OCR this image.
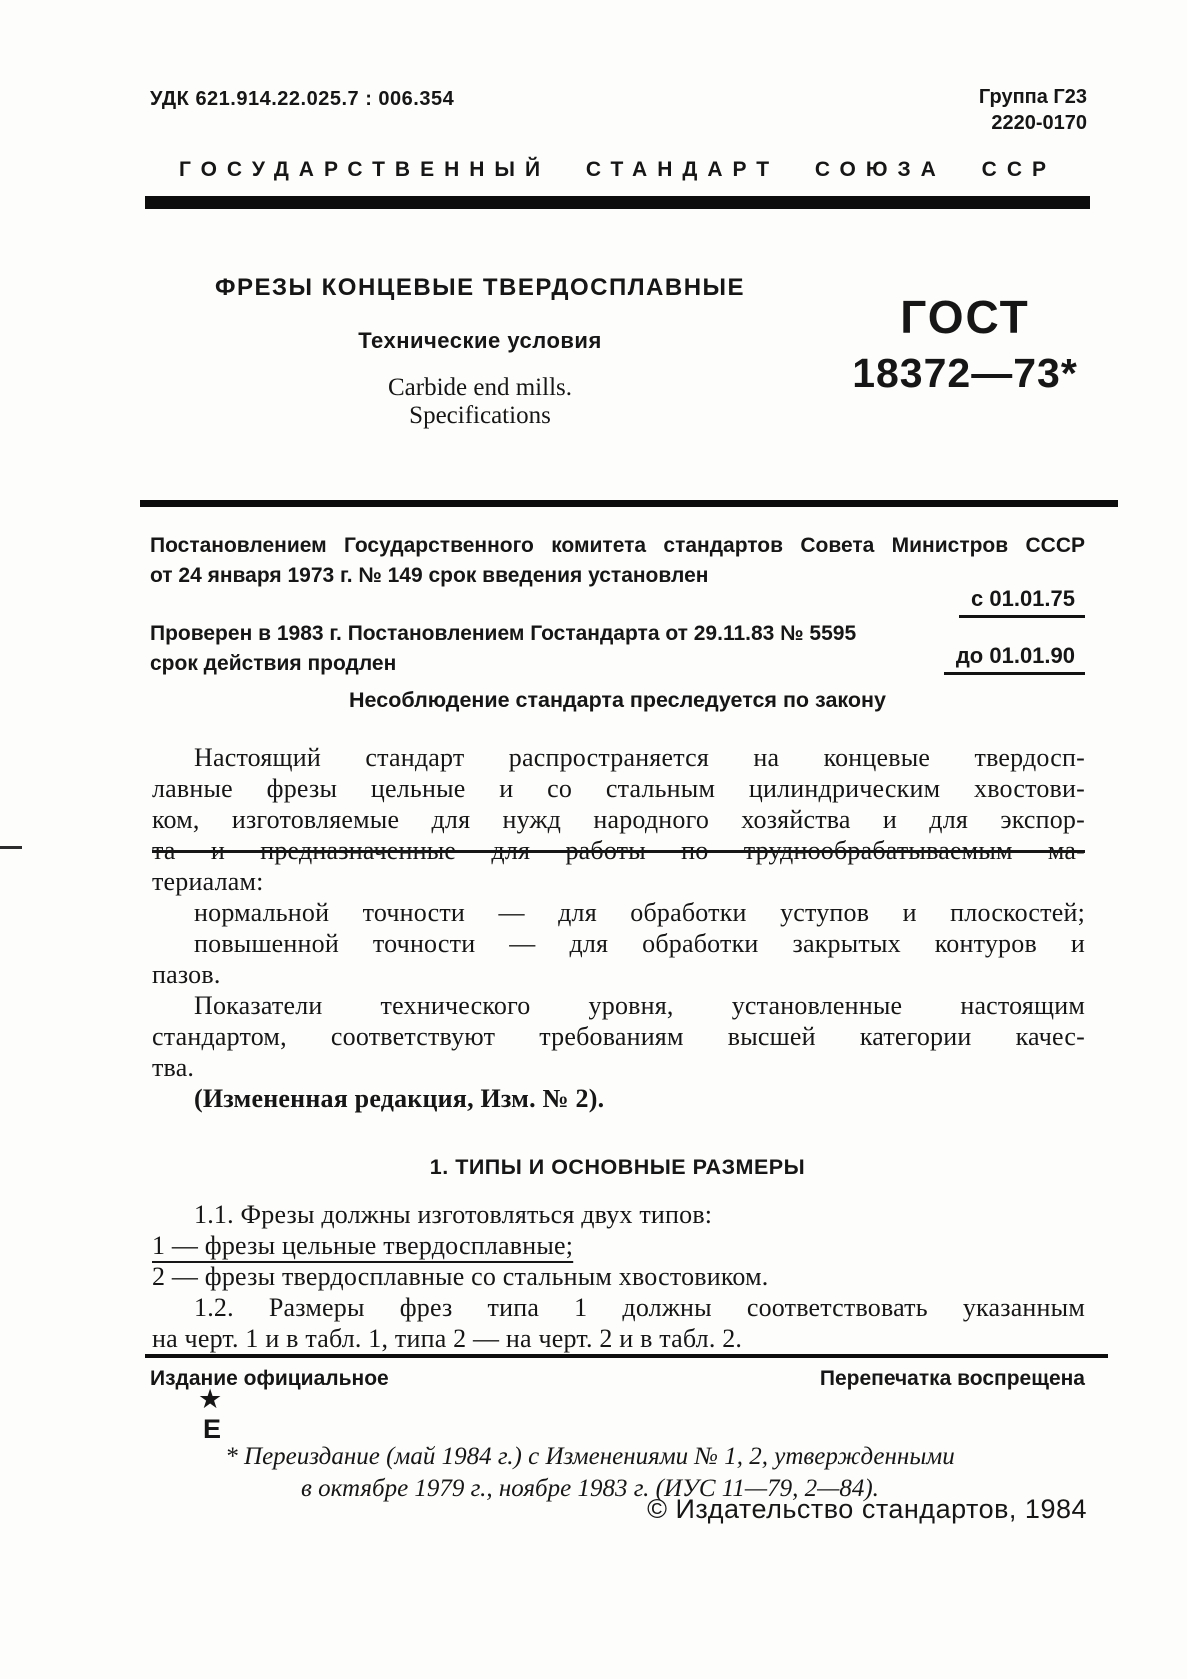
УДК 621.914.22.025.7 : 006.354	Группа Г23
2220-0170
ГОСУДАРСТВЕННЫЙ СТАНДАРТ СОЮЗА ССР
ФРЕЗЫ КОНЦЕВЫЕ ТВЕРДОСПЛАВНЫЕ
Технические условия
Carbide end mills.
Specifications
ГОСТ
18372—73*
Постановлением Государственного комитета стандартов Совета Министров СССР
от 24 января 1973 г. № 149 срок введения установлен
с 01.01.75
Проверен в 1983 г. Постановлением Гостандарта от 29.11.83 № 5595
срок действия продлен	до 01.01.90
Несоблюдение стандарта преследуется по закону
Настоящий стандарт распространяется на концевые твердосп-
лавные фрезы цельные и со стальным цилиндрическим хвостови-
ком, изготовляемые для нужд народного хозяйства и для экспор-
та и предназначенные для работы по труднообрабатываемым ма-
териалам:
нормальной точности — для обработки уступов и плоскостей;
повышенной точности — для обработки закрытых контуров и
пазов.
Показатели технического уровня, установленные настоящим
стандартом, соответствуют требованиям высшей категории качес-
тва.
(Измененная редакция, Изм. № 2).
1. ТИПЫ И ОСНОВНЫЕ РАЗМЕРЫ
1.1. Фрезы должны изготовляться двух типов:
1 — фрезы цельные твердосплавные;
2 — фрезы твердосплавные со стальным хвостовиком.
1.2. Размеры фрез типа 1 должны соответствовать указанным
на черт. 1 и в табл. 1, типа 2 — на черт. 2 и в табл. 2.
Издание официальное	Перепечатка воспрещена
★
Е
* Переиздание (май 1984 г.) с Изменениями № 1, 2, утвержденными
в октябре 1979 г., ноябре 1983 г. (ИУС 11—79, 2—84).
© Издательство стандартов, 1984
